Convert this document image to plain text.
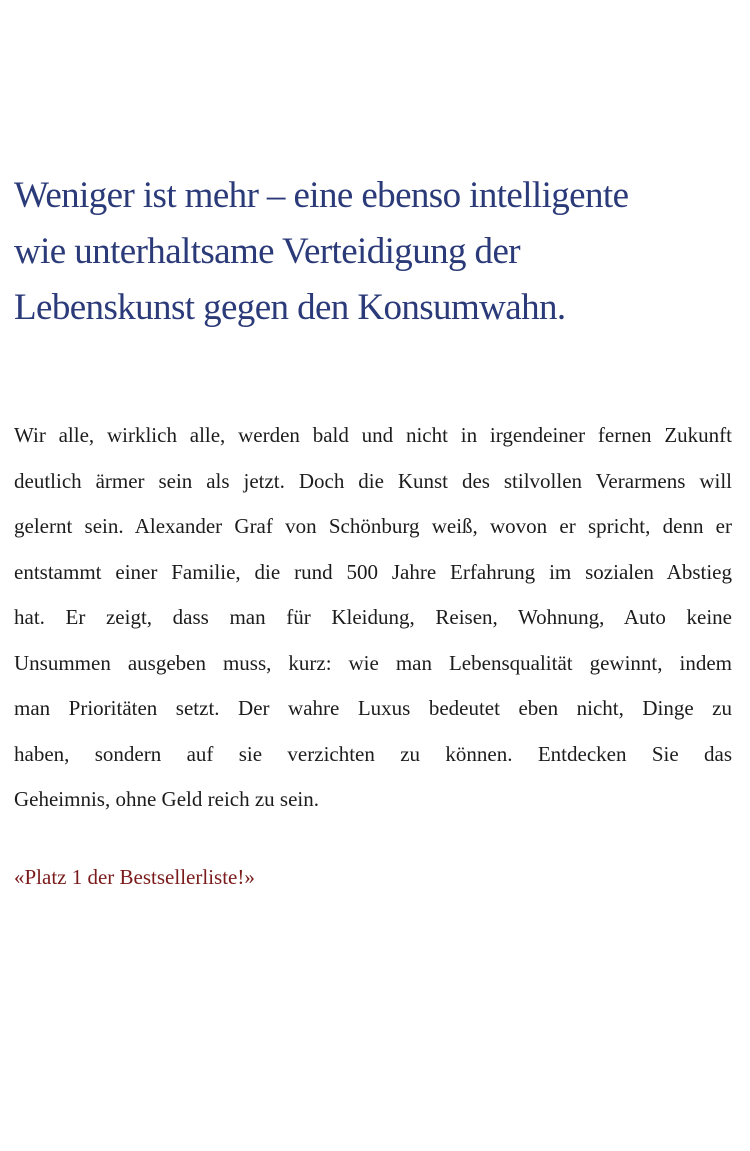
Weniger ist mehr – eine ebenso intelligente
wie unterhaltsame Verteidigung der
Lebenskunst gegen den Konsumwahn.

Wir alle, wirklich alle, werden bald und nicht in irgendeiner fernen Zukunft
deutlich ärmer sein als jetzt. Doch die Kunst des stilvollen Verarmens will
gelernt sein. Alexander Graf von Schönburg weiß, wovon er spricht, denn er
entstammt einer Familie, die rund 500 Jahre Erfahrung im sozialen Abstieg
hat. Er zeigt, dass man für Kleidung, Reisen, Wohnung, Auto keine
Unsummen ausgeben muss, kurz: wie man Lebensqualität gewinnt, indem
man Prioritäten setzt. Der wahre Luxus bedeutet eben nicht, Dinge zu
haben, sondern auf sie verzichten zu können. Entdecken Sie das
Geheimnis, ohne Geld reich zu sein.

«Platz 1 der Bestsellerliste!»
